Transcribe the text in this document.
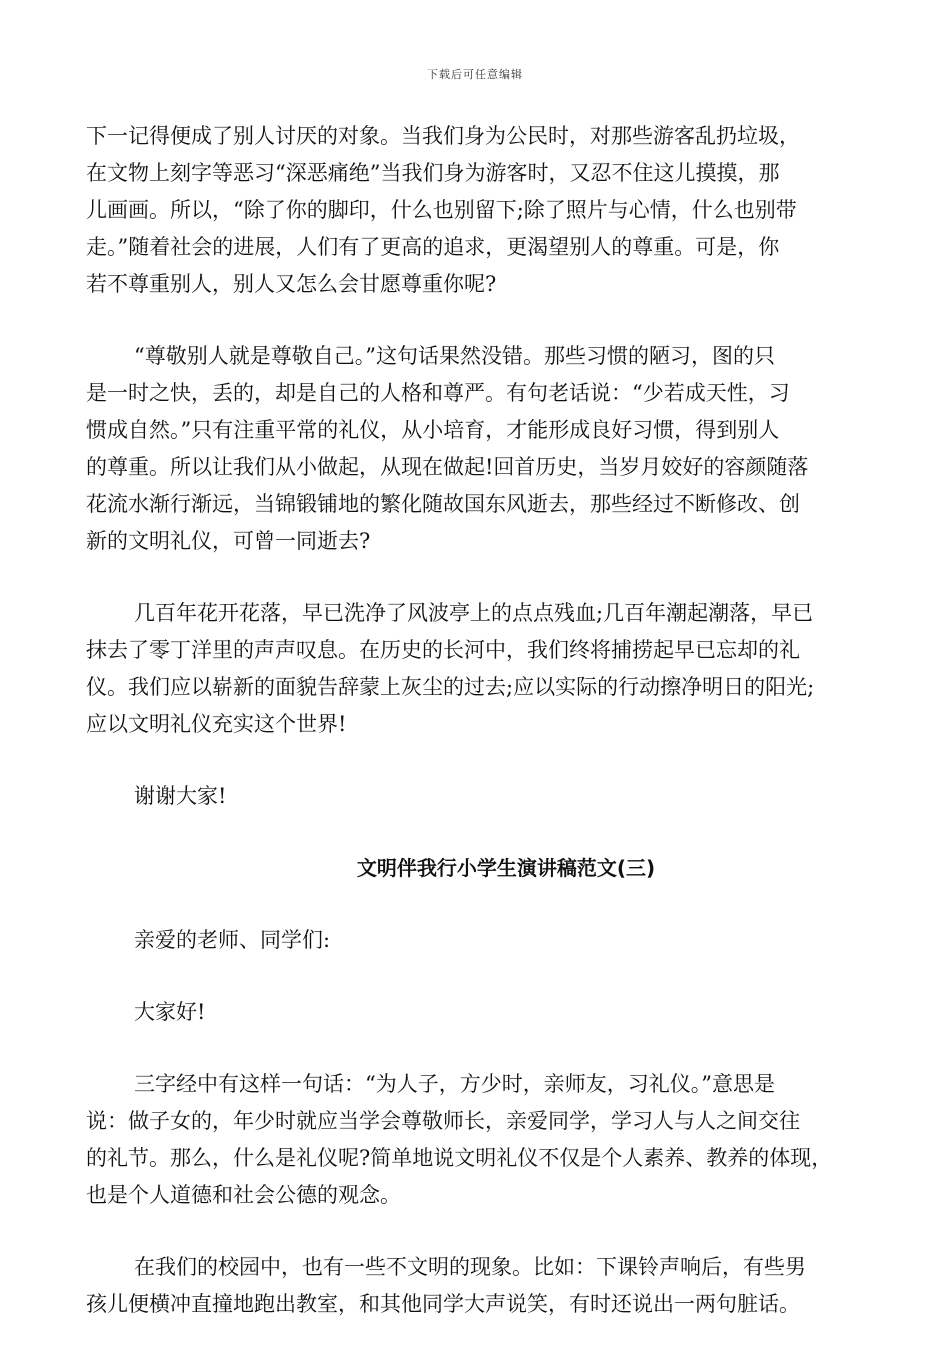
下载后可任意编辑
下一记得便成了别人讨厌的对象。当我们身为公民时，对那些游客乱扔垃圾，
在文物上刻字等恶习“深恶痛绝”当我们身为游客时，又忍不住这儿摸摸，那
儿画画。所以，“除了你的脚印，什么也别留下;除了照片与心情，什么也别带
走。”随着社会的进展，人们有了更高的追求，更渴望别人的尊重。可是，你
若不尊重别人，别人又怎么会甘愿尊重你呢?
“尊敬别人就是尊敬自己。”这句话果然没错。那些习惯的陋习，图的只
是一时之快，丢的，却是自己的人格和尊严。有句老话说：“少若成天性，习
惯成自然。”只有注重平常的礼仪，从小培育，才能形成良好习惯，得到别人
的尊重。所以让我们从小做起，从现在做起!回首历史，当岁月姣好的容颜随落
花流水渐行渐远，当锦锻铺地的繁化随故国东风逝去，那些经过不断修改、创
新的文明礼仪，可曾一同逝去?
几百年花开花落，早已洗净了风波亭上的点点残血;几百年潮起潮落，早已
抹去了零丁洋里的声声叹息。在历史的长河中，我们终将捕捞起早已忘却的礼
仪。我们应以崭新的面貌告辞蒙上灰尘的过去;应以实际的行动擦净明日的阳光;
应以文明礼仪充实这个世界!
谢谢大家!
文明伴我行小学生演讲稿范文(三)
亲爱的老师、同学们:
大家好!
三字经中有这样一句话：“为人子，方少时，亲师友，习礼仪。”意思是
说：做子女的，年少时就应当学会尊敬师长，亲爱同学，学习人与人之间交往
的礼节。那么，什么是礼仪呢?简单地说文明礼仪不仅是个人素养、教养的体现，
也是个人道德和社会公德的观念。
在我们的校园中，也有一些不文明的现象。比如：下课铃声响后，有些男
孩儿便横冲直撞地跑出教室，和其他同学大声说笑，有时还说出一两句脏话。
